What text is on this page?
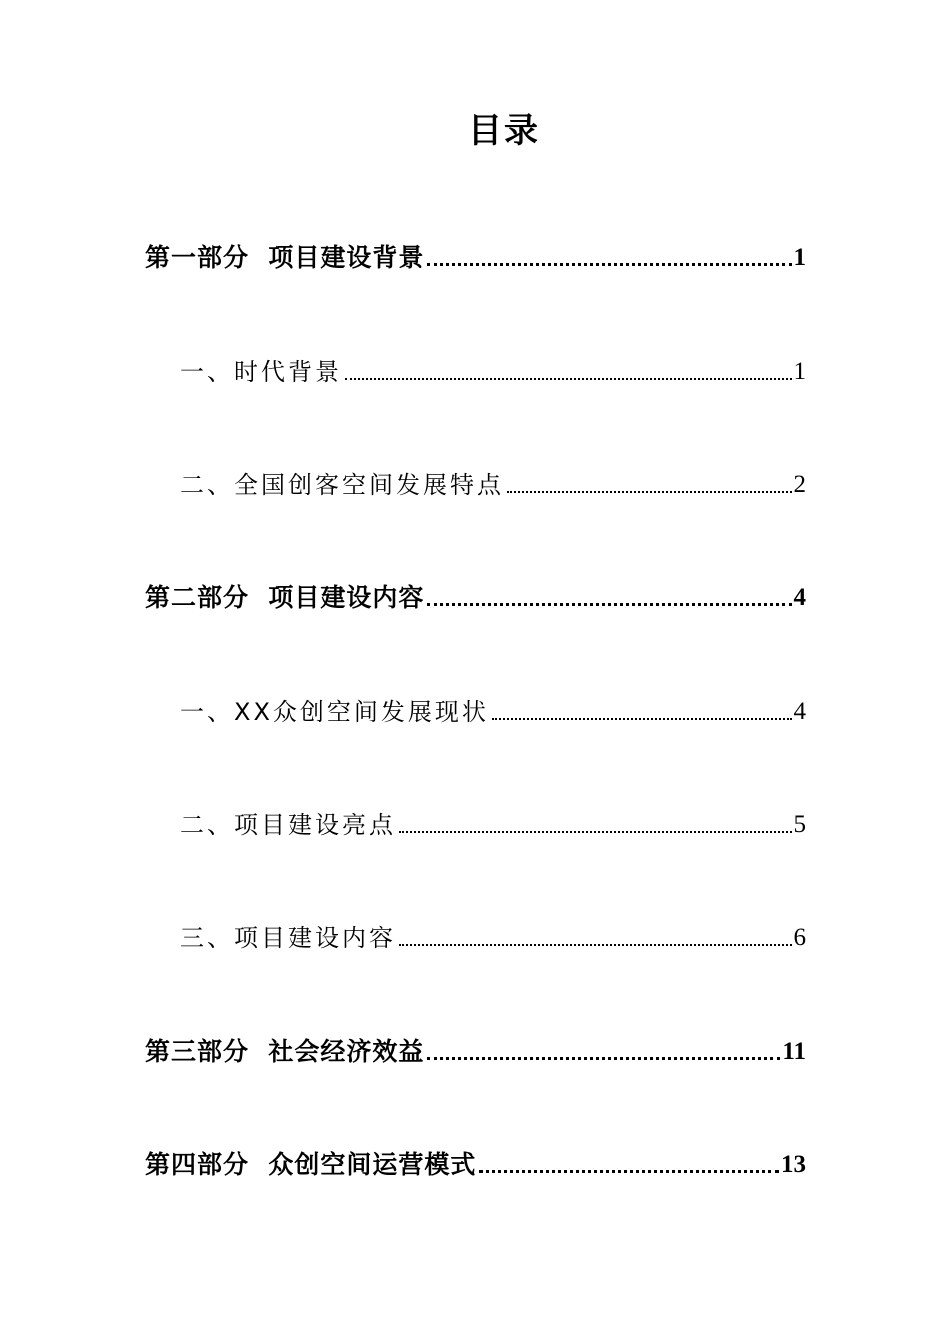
目录
第一部分  项目建设背景	1
一、时代背景	1
二、全国创客空间发展特点	2
第二部分  项目建设内容	4
一、XX众创空间发展现状	4
二、项目建设亮点	5
三、项目建设内容	6
第三部分  社会经济效益	11
第四部分  众创空间运营模式	13
